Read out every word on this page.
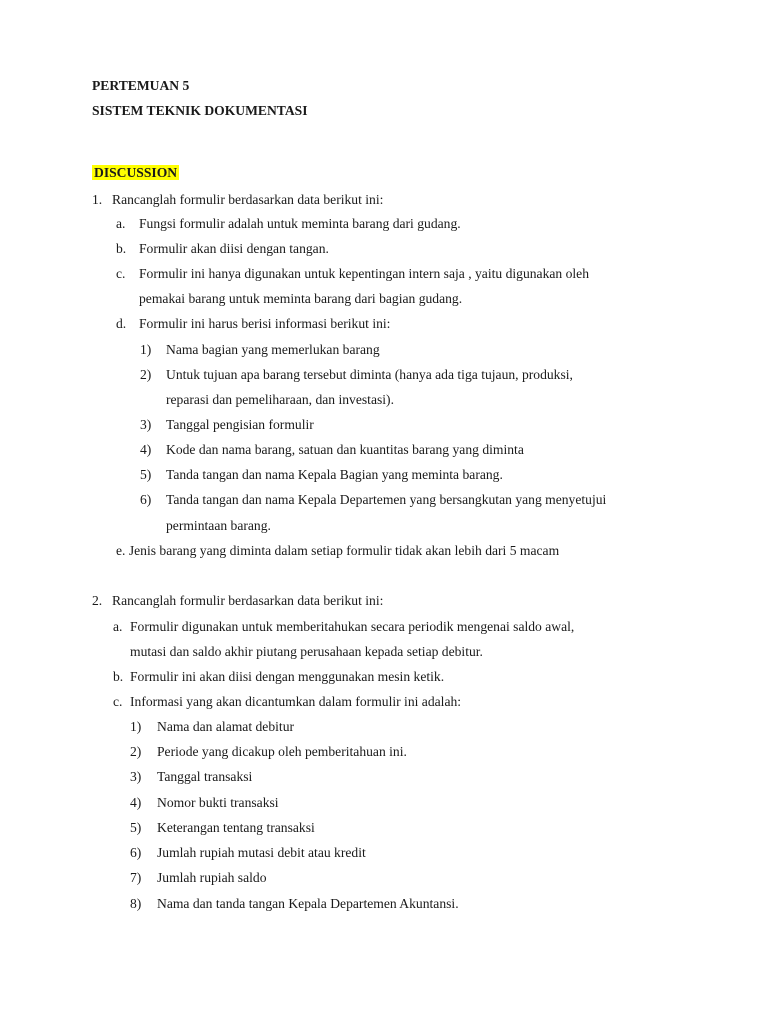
PERTEMUAN 5
SISTEM TEKNIK DOKUMENTASI
DISCUSSION
1. Rancanglah formulir berdasarkan data berikut ini:
a. Fungsi formulir adalah untuk meminta barang dari gudang.
b. Formulir akan diisi dengan tangan.
c. Formulir ini hanya digunakan untuk kepentingan intern saja , yaitu digunakan oleh
pemakai barang untuk meminta barang dari bagian gudang.
d. Formulir ini harus berisi informasi berikut ini:
1) Nama bagian yang memerlukan barang
2) Untuk tujuan apa barang tersebut diminta (hanya ada tiga tujaun, produksi,
reparasi dan pemeliharaan, dan investasi).
3) Tanggal pengisian formulir
4) Kode dan nama barang, satuan dan kuantitas barang yang diminta
5) Tanda tangan dan nama Kepala Bagian yang meminta barang.
6) Tanda tangan dan nama Kepala Departemen yang bersangkutan yang menyetujui
permintaan barang.
e. Jenis barang yang diminta dalam setiap formulir tidak akan lebih dari 5 macam
2. Rancanglah formulir berdasarkan data berikut ini:
a. Formulir digunakan untuk memberitahukan secara periodik mengenai saldo awal,
mutasi dan saldo akhir piutang perusahaan kepada setiap debitur.
b. Formulir ini akan diisi dengan menggunakan mesin ketik.
c. Informasi yang akan dicantumkan dalam formulir ini adalah:
1) Nama dan alamat debitur
2) Periode yang dicakup oleh pemberitahuan ini.
3) Tanggal transaksi
4) Nomor bukti transaksi
5) Keterangan tentang transaksi
6) Jumlah rupiah mutasi debit atau kredit
7) Jumlah rupiah saldo
8) Nama dan tanda tangan Kepala Departemen Akuntansi.
